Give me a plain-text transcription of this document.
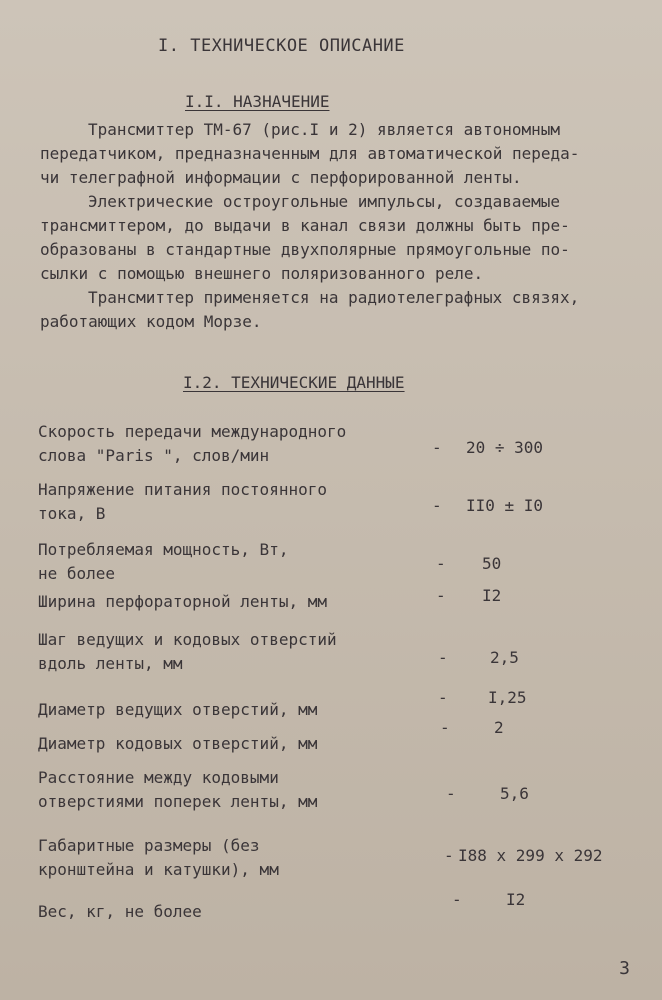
I. ТЕХНИЧЕСКОЕ ОПИСАНИЕ
I.I. НАЗНАЧЕНИЕ
Трансмиттер ТМ-67 (рис.I и 2) является автономным
передатчиком, предназначенным для автоматической переда-
чи телеграфной информации с перфорированной ленты.
Электрические остроугольные импульсы, создаваемые
трансмиттером, до выдачи в канал связи должны быть пре-
образованы в стандартные двухполярные прямоугольные по-
сылки с помощью внешнего поляризованного реле.
Трансмиттер применяется на радиотелеграфных связях,
работающих кодом Морзе.
I.2. ТЕХНИЧЕСКИЕ ДАННЫЕ
Скорость передачи международного
слова "Paris ", слов/мин	- 20 ÷ 300
Напряжение питания постоянного
тока, В	- II0 ± I0
Потребляемая мощность, Вт,
не более
- 50
Ширина перфораторной ленты, мм	- I2
Шаг ведущих и кодовых отверстий
вдоль ленты, мм	-	2,5
Диаметр ведущих отверстий, мм
-	I,25
Диаметр кодовых отверстий, мм
-	2
Расстояние между кодовыми
отверстиями поперек ленты, мм	-	5,6
Габаритные размеры (без
кронштейна и катушки), мм
- I88 x 299 x 292
Вес, кг, не более
-	I2
3
